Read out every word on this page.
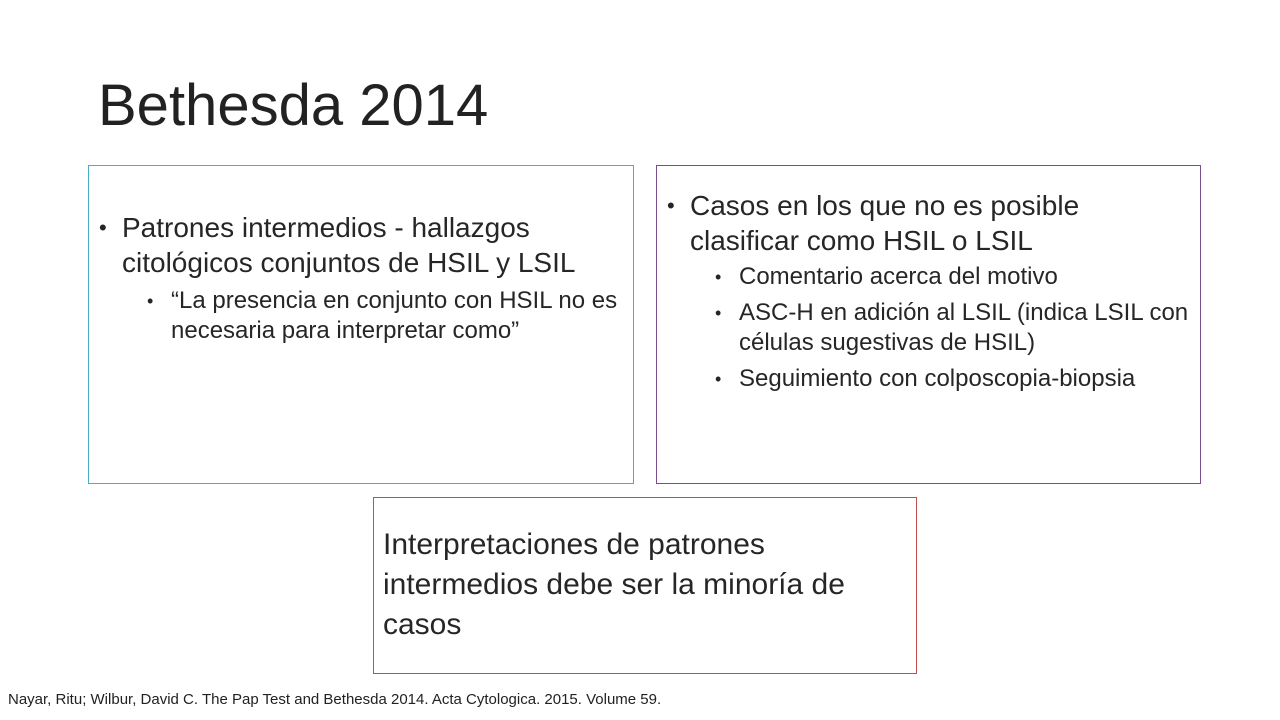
Bethesda 2014
• Patrones intermedios - hallazgos citológicos conjuntos de HSIL y LSIL
• “La presencia en conjunto con HSIL no es necesaria para interpretar como”
• Casos en los que no es posible clasificar como HSIL o LSIL
• Comentario acerca del motivo
• ASC-H en adición al LSIL (indica LSIL con células sugestivas de HSIL)
• Seguimiento con colposcopia-biopsia
Interpretaciones de patrones intermedios debe ser la minoría de casos
Nayar, Ritu; Wilbur, David C. The Pap Test and Bethesda 2014. Acta Cytologica. 2015. Volume 59.
